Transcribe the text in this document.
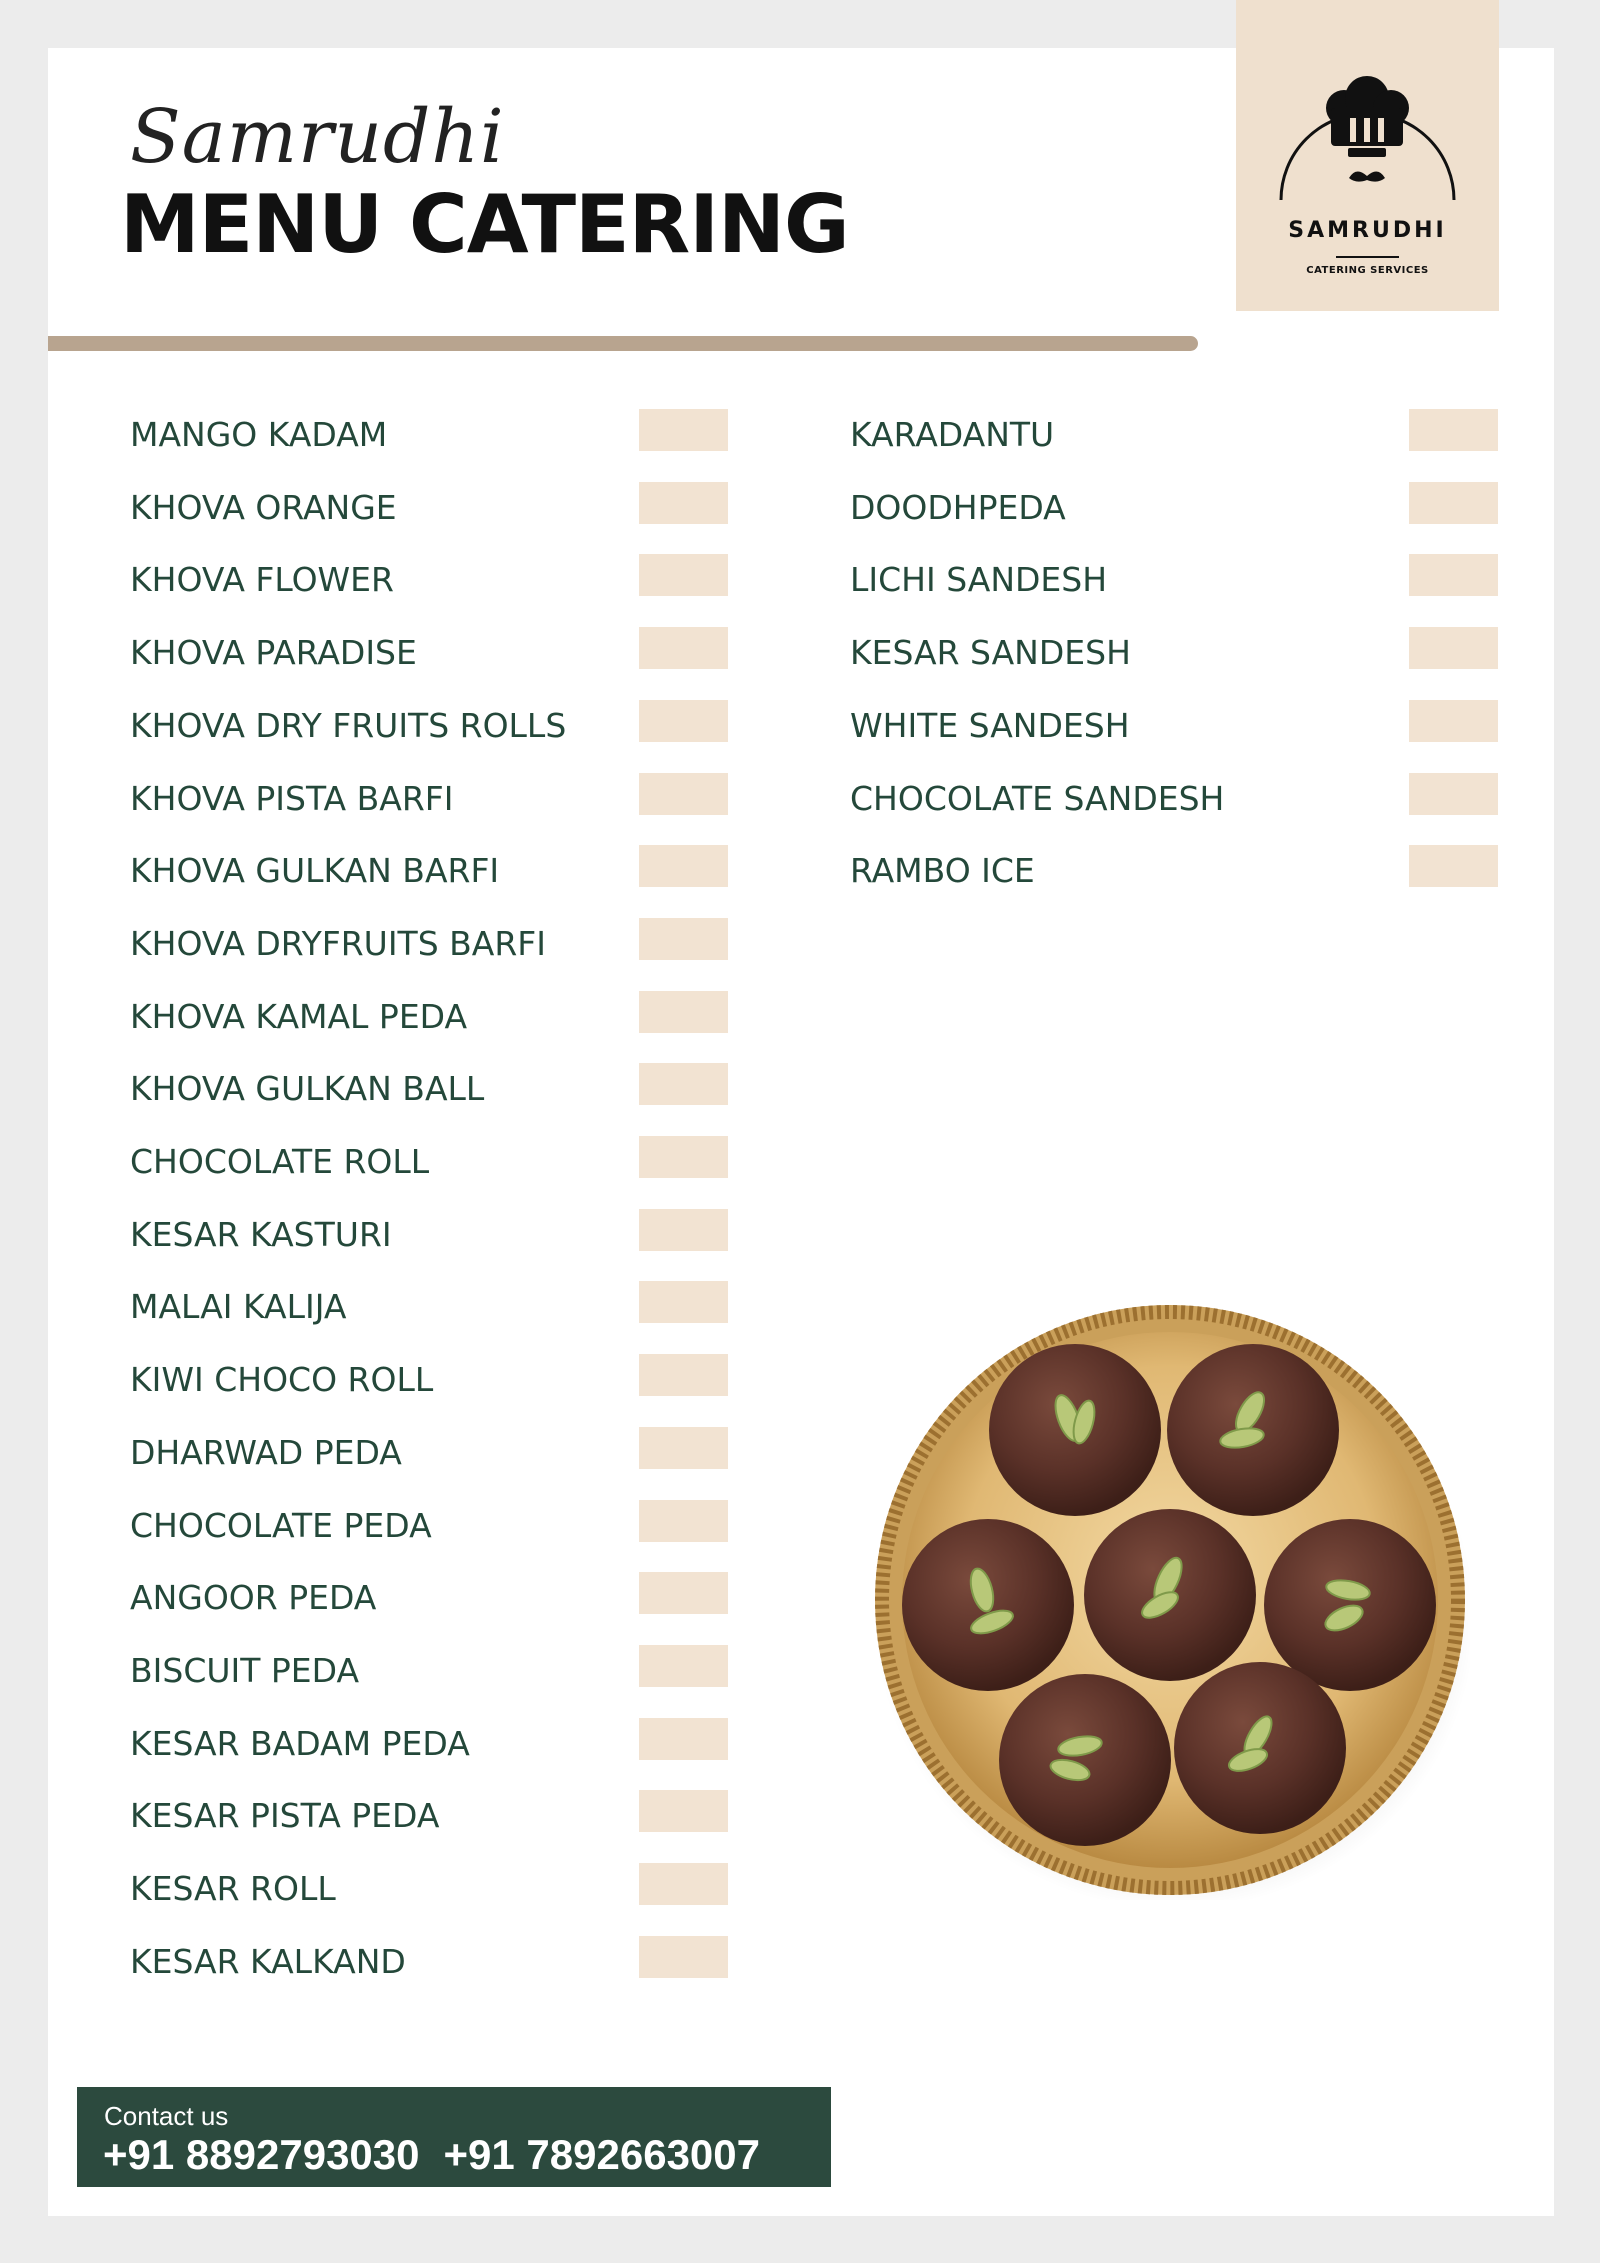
Samrudhi
MENU CATERING	SAMRUDHI
CATERING SERVICES
MANGO KADAM
KHOVA ORANGE
KHOVA FLOWER
KHOVA PARADISE
KHOVA DRY FRUITS ROLLS
KHOVA PISTA BARFI
KHOVA GULKAN BARFI
KHOVA DRYFRUITS BARFI
KHOVA KAMAL PEDA
KHOVA GULKAN BALL
CHOCOLATE ROLL
KESAR KASTURI
MALAI KALIJA
KIWI CHOCO ROLL
DHARWAD PEDA
CHOCOLATE PEDA
ANGOOR PEDA
BISCUIT PEDA
KESAR BADAM PEDA
KESAR PISTA PEDA
KESAR ROLL
KESAR KALKAND
KARADANTU
DOODHPEDA
LICHI SANDESH
KESAR SANDESH
WHITE SANDESH
CHOCOLATE SANDESH
RAMBO ICE
Contact us
+91 8892793030 +91 7892663007
